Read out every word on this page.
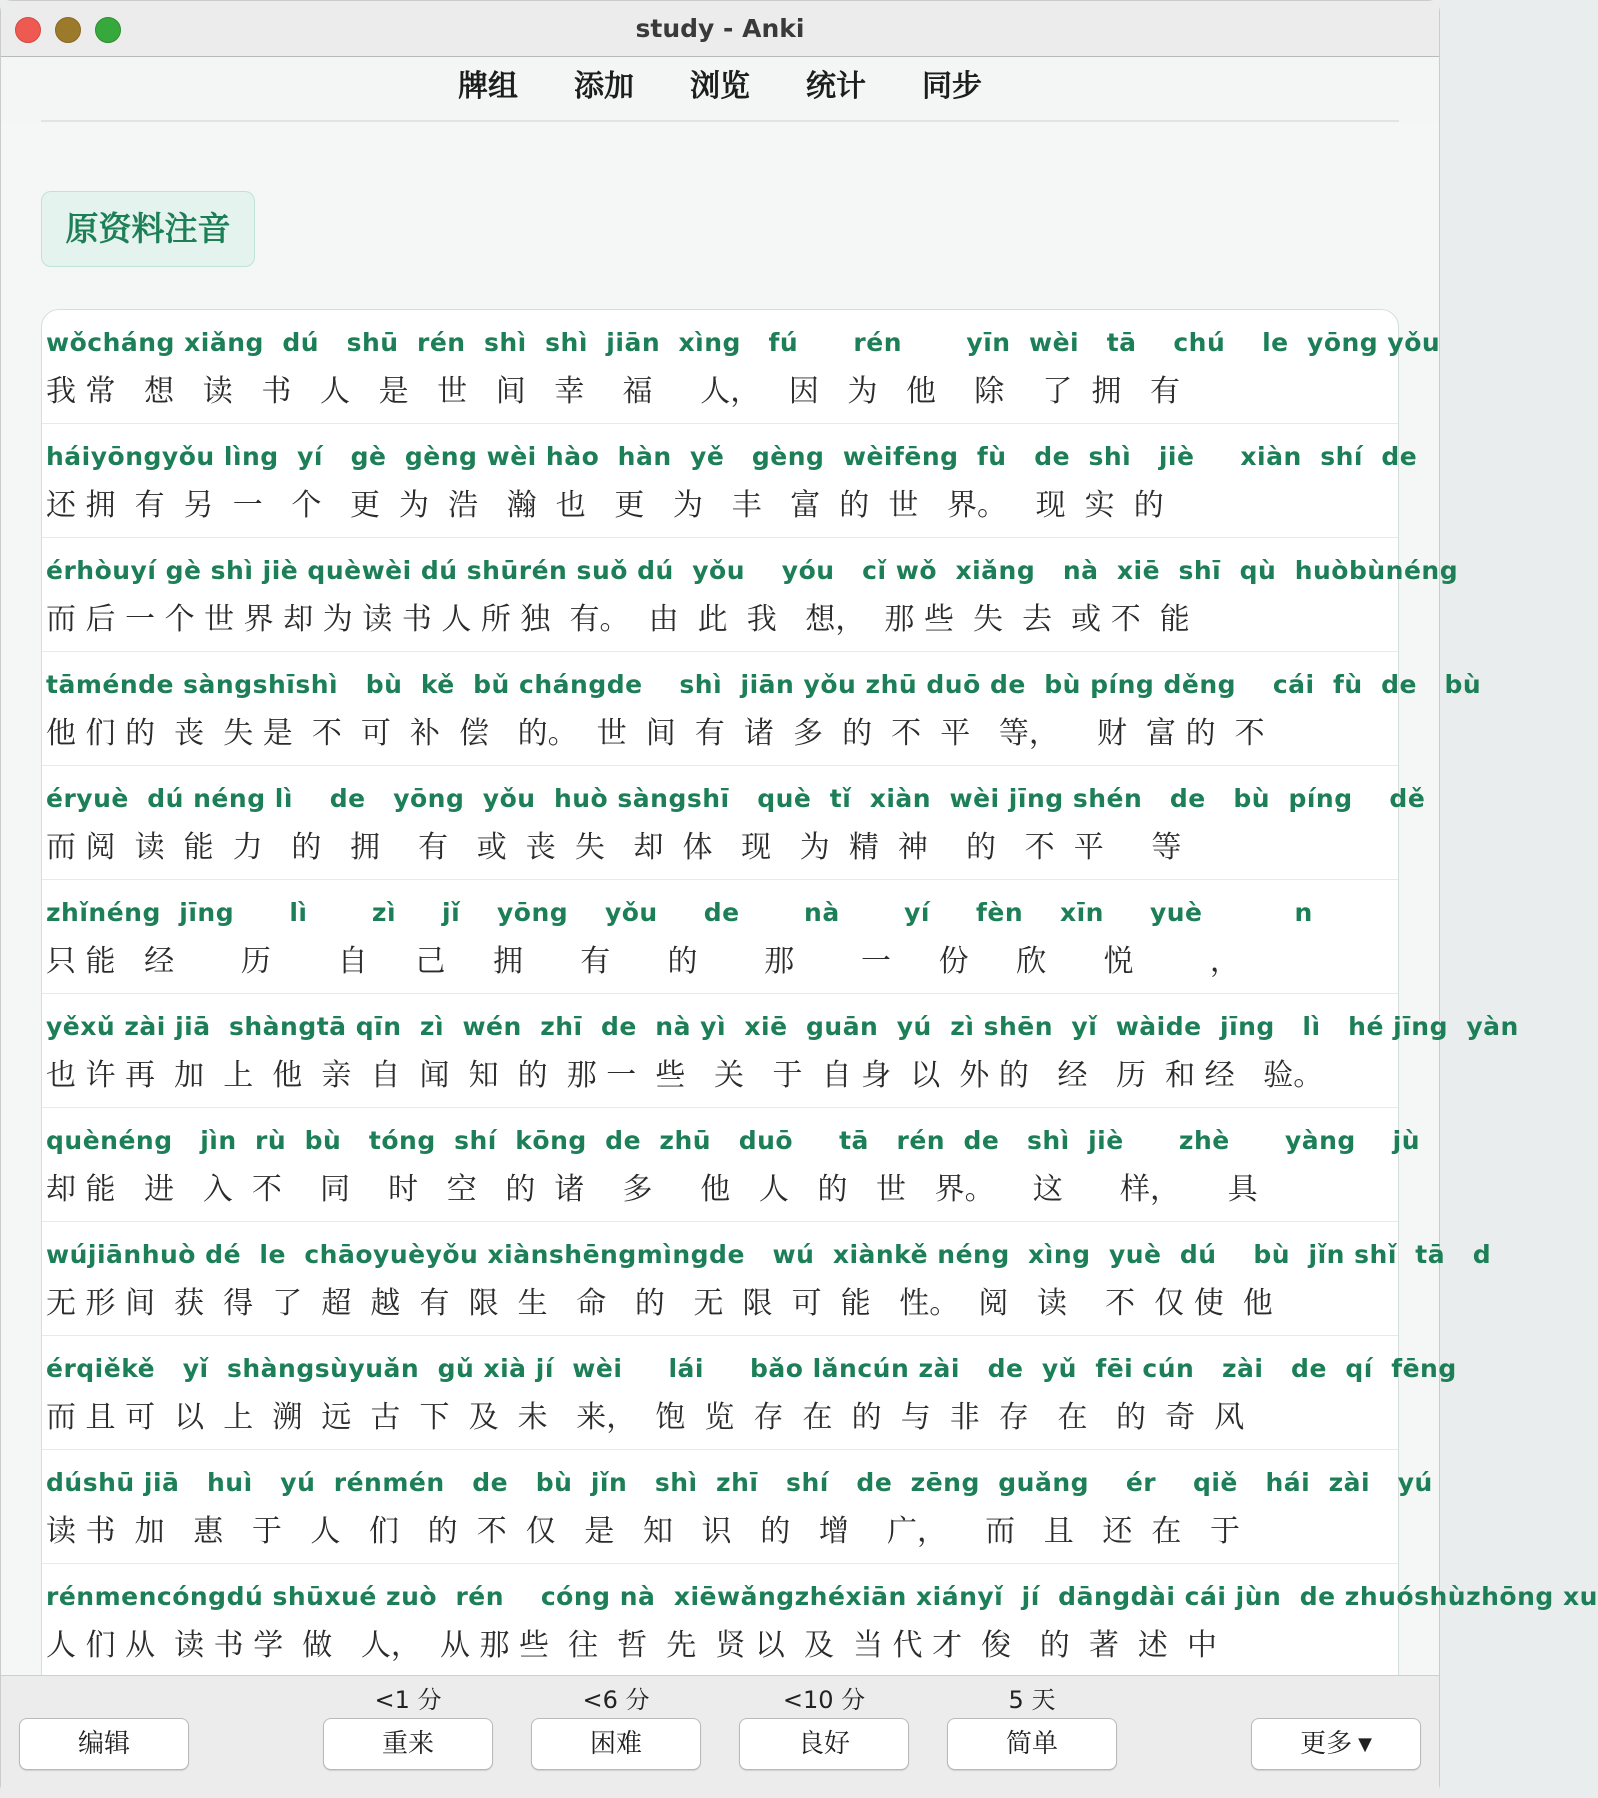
study - Anki
牌组 添加 浏览 统计 同步
原资料注音
wǒcháng xiǎng  dú   shū  rén  shì  shì  jiān  xìng   fú      rén       yīn  wèi   tā    chú    le  yōng yǒu
我 常   想   读   书   人   是   世   间   幸    福     人，   因   为   他    除    了  拥   有
háiyōngyǒu lìng  yí   gè  gèng wèi hào  hàn  yě   gèng  wèifēng  fù   de  shì   jiè     xiàn  shí  de
还 拥  有  另  一   个   更  为  浩   瀚  也   更   为   丰   富  的  世   界。   现  实  的
érhòuyí gè shì jiè quèwèi dú shūrén suǒ dú  yǒu    yóu   cǐ wǒ  xiǎng   nà  xiē  shī  qù  huòbùnéng
而 后 一 个 世 界 却 为 读 书 人 所 独  有。  由  此  我   想，  那 些  失  去  或 不  能
tāménde sàngshīshì   bù  kě  bǔ chángde    shì  jiān yǒu zhū duō de  bù píng děng    cái  fù  de   bù
他 们 的  丧  失 是  不  可  补  偿   的。  世  间  有  诸  多  的  不  平   等，    财  富 的  不
éryuè  dú néng lì    de   yōng  yǒu  huò sàngshī   què  tǐ  xiàn  wèi jīng shén   de   bù  píng    dě
而 阅  读  能  力   的   拥    有   或  丧  失   却  体   现   为  精  神    的   不  平     等
zhǐnéng  jīng      lì       zì     jǐ    yōng    yǒu     de       nà       yí     fèn    xīn     yuè          n
只 能   经       历       自     己     拥      有      的       那       一     份     欣      悦        ，
yěxǔ zài jiā  shàngtā qīn  zì  wén  zhī  de  nà yì  xiē  guān  yú  zì shēn  yǐ  wàide  jīng   lì   hé jīng  yàn
也 许 再  加  上  他  亲  自  闻  知  的  那 一  些   关   于  自 身  以  外 的   经   历  和 经   验。
quènéng   jìn  rù  bù   tóng  shí  kōng  de  zhū   duō     tā   rén  de   shì  jiè      zhè      yàng    jù
却 能   进   入  不    同    时   空   的  诸    多     他   人   的   世   界。    这      样，     具
wújiānhuò dé  le  chāoyuèyǒu xiànshēngmìngde   wú  xiànkě néng  xìng  yuè  dú    bù  jǐn shǐ  tā   d
无 形 间  获  得  了  超  越  有  限  生   命   的   无  限  可  能   性。  阅   读    不  仅 使  他
érqiěkě   yǐ  shàngsùyuǎn  gǔ xià jí  wèi     lái     bǎo lǎncún zài   de  yǔ  fēi cún   zài   de  qí  fēng
而 且 可  以  上  溯  远  古  下  及  未   来，  饱  览  存  在  的  与  非  存   在   的  奇  风
dúshū jiā   huì   yú  rénmén   de   bù  jǐn   shì  zhī   shí   de  zēng  guǎng    ér    qiě   hái  zài   yú
读 书  加   惠   于   人   们   的  不  仅   是   知   识   的   增    广，    而   且   还  在   于
rénmencóngdú shūxué zuò  rén    cóng nà  xiēwǎngzhéxiān xiányǐ  jí  dāngdài cái jùn  de zhuóshùzhōng xu
人 们 从  读 书 学  做   人，  从 那 些  往  哲  先  贤 以  及  当 代 才  俊   的  著  述  中
编辑
<1 分
重来
<6 分
困难
<10 分
良好
5 天
简单	更多 ▼
